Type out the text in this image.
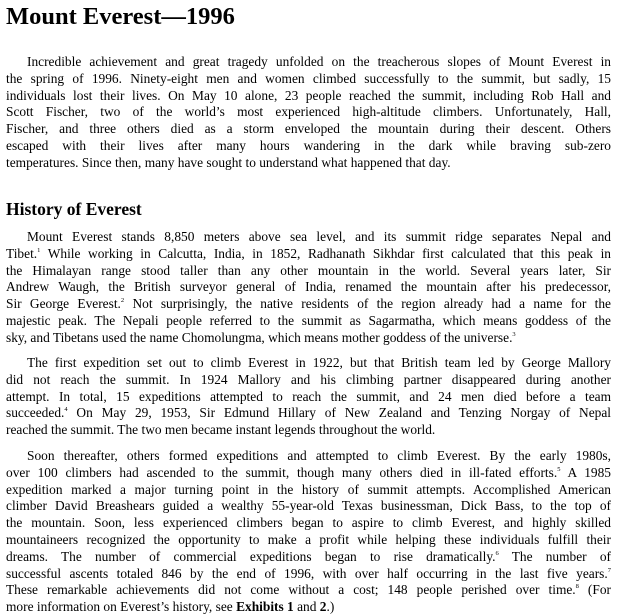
Mount Everest—1996
Incredible achievement and great tragedy unfolded on the treacherous slopes of Mount Everest in
the spring of 1996. Ninety-eight men and women climbed successfully to the summit, but sadly, 15
individuals lost their lives. On May 10 alone, 23 people reached the summit, including Rob Hall and
Scott Fischer, two of the world’s most experienced high-altitude climbers. Unfortunately, Hall,
Fischer, and three others died as a storm enveloped the mountain during their descent. Others
escaped with their lives after many hours wandering in the dark while braving sub-zero
temperatures. Since then, many have sought to understand what happened that day.
History of Everest
Mount Everest stands 8,850 meters above sea level, and its summit ridge separates Nepal and
Tibet.$^1$ While working in Calcutta, India, in 1852, Radhanath Sikhdar first calculated that this peak in
the Himalayan range stood taller than any other mountain in the world. Several years later, Sir
Andrew Waugh, the British surveyor general of India, renamed the mountain after his predecessor,
Sir George Everest.$^2$ Not surprisingly, the native residents of the region already had a name for the
majestic peak. The Nepali people referred to the summit as Sagarmatha, which means goddess of the
sky, and Tibetans used the name Chomolungma, which means mother goddess of the universe.$^3$
The first expedition set out to climb Everest in 1922, but that British team led by George Mallory
did not reach the summit. In 1924 Mallory and his climbing partner disappeared during another
attempt. In total, 15 expeditions attempted to reach the summit, and 24 men died before a team
succeeded.$^4$ On May 29, 1953, Sir Edmund Hillary of New Zealand and Tenzing Norgay of Nepal
reached the summit. The two men became instant legends throughout the world.
Soon thereafter, others formed expeditions and attempted to climb Everest. By the early 1980s,
over 100 climbers had ascended to the summit, though many others died in ill-fated efforts.$^5$ A 1985
expedition marked a major turning point in the history of summit attempts. Accomplished American
climber David Breashears guided a wealthy 55-year-old Texas businessman, Dick Bass, to the top of
the mountain. Soon, less experienced climbers began to aspire to climb Everest, and highly skilled
mountaineers recognized the opportunity to make a profit while helping these individuals fulfill their
dreams. The number of commercial expeditions began to rise dramatically.$^6$ The number of
successful ascents totaled 846 by the end of 1996, with over half occurring in the last five years.$^7$
These remarkable achievements did not come without a cost; 148 people perished over time.$^8$ (For
more information on Everest’s history, see Exhibits 1 and 2.)
